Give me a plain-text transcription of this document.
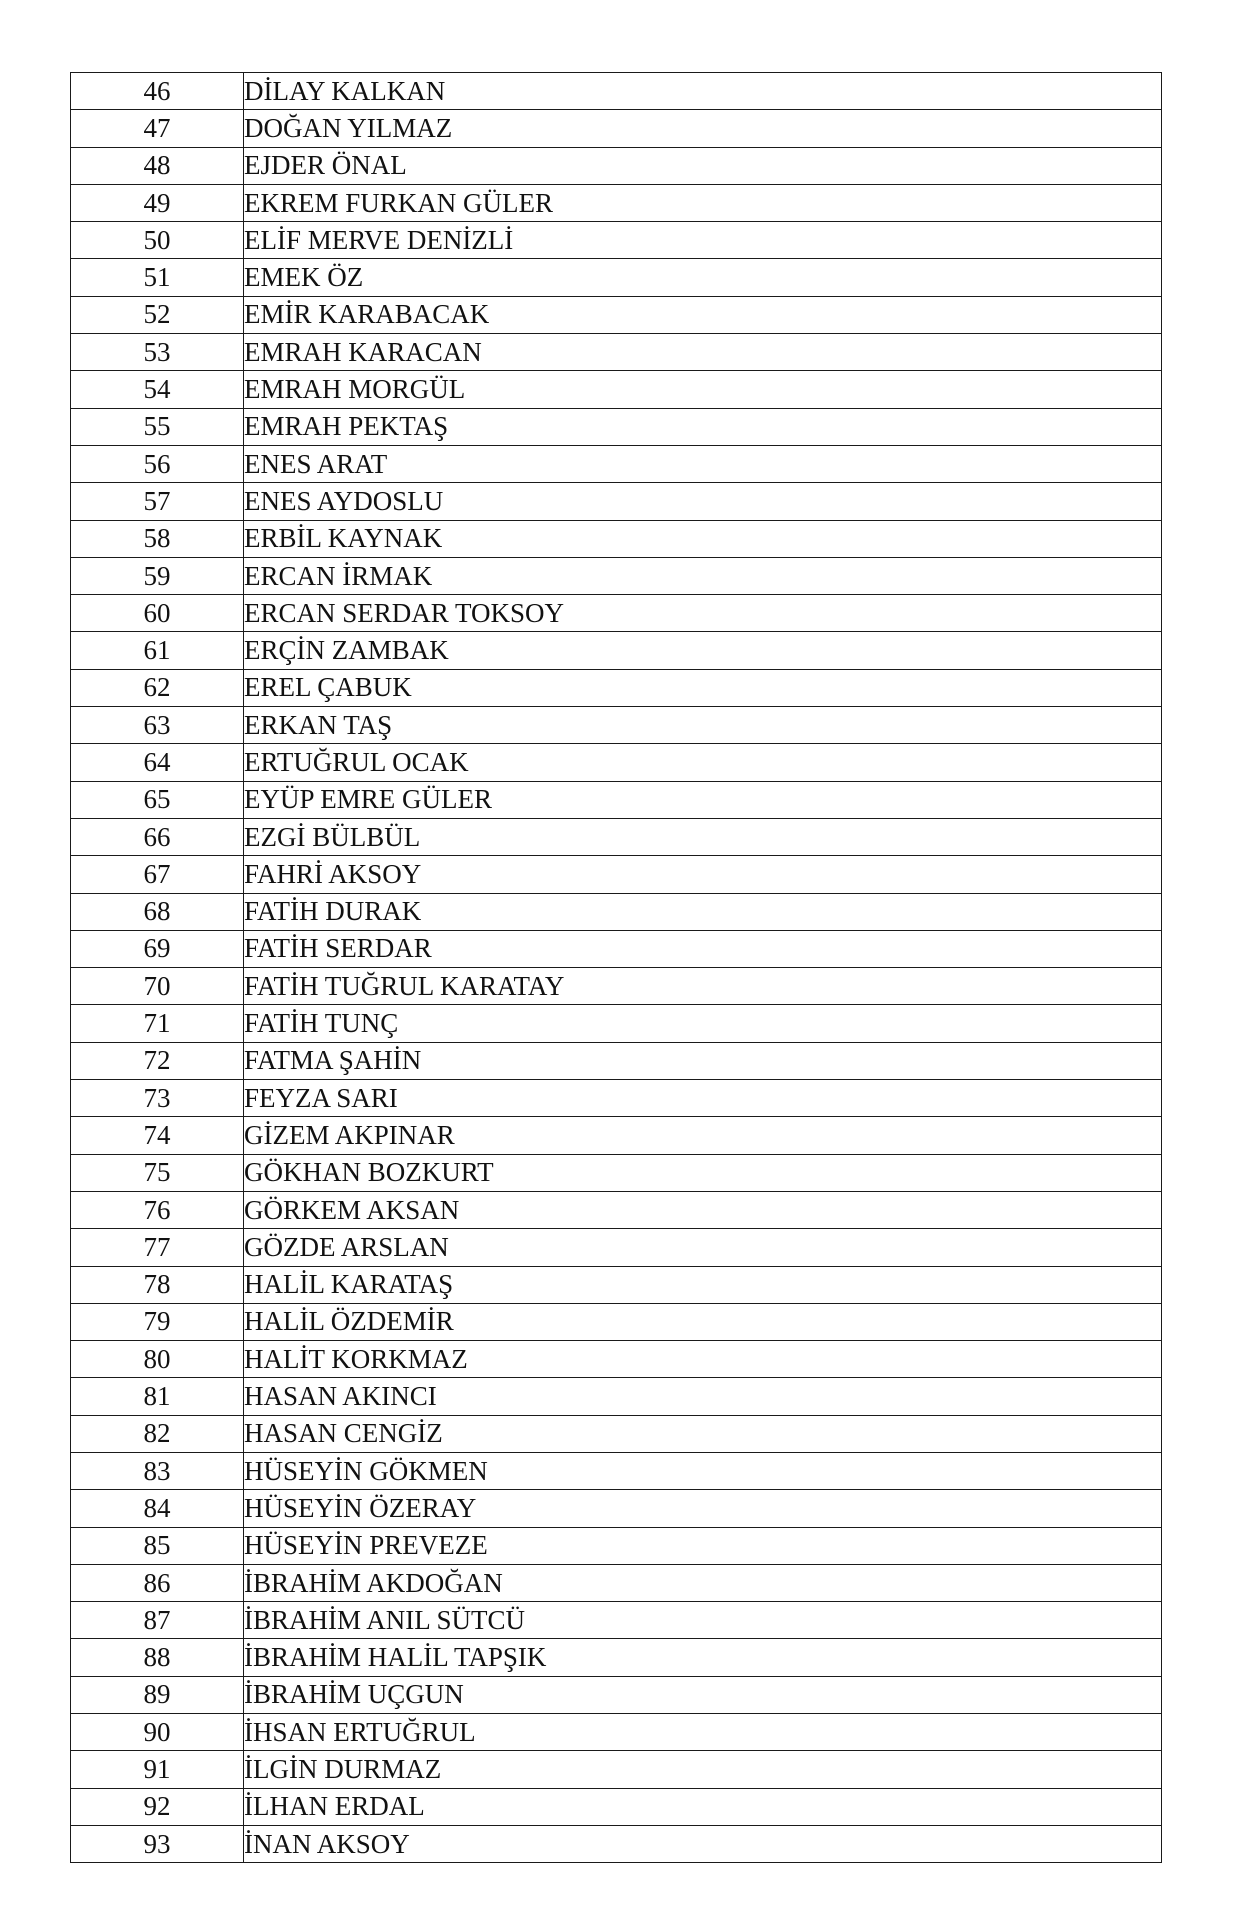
46	DİLAY KALKAN
47	DOĞAN YILMAZ
48	EJDER ÖNAL
49	EKREM FURKAN GÜLER
50	ELİF MERVE DENİZLİ
51	EMEK ÖZ
52	EMİR KARABACAK
53	EMRAH KARACAN
54	EMRAH MORGÜL
55	EMRAH PEKTAŞ
56	ENES ARAT
57	ENES AYDOSLU
58	ERBİL KAYNAK
59	ERCAN İRMAK
60	ERCAN SERDAR TOKSOY
61	ERÇİN ZAMBAK
62	EREL ÇABUK
63	ERKAN TAŞ
64	ERTUĞRUL OCAK
65	EYÜP EMRE GÜLER
66	EZGİ BÜLBÜL
67	FAHRİ AKSOY
68	FATİH DURAK
69	FATİH SERDAR
70	FATİH TUĞRUL KARATAY
71	FATİH TUNÇ
72	FATMA ŞAHİN
73	FEYZA SARI
74	GİZEM AKPINAR
75	GÖKHAN BOZKURT
76	GÖRKEM AKSAN
77	GÖZDE ARSLAN
78	HALİL KARATAŞ
79	HALİL ÖZDEMİR
80	HALİT KORKMAZ
81	HASAN AKINCI
82	HASAN CENGİZ
83	HÜSEYİN GÖKMEN
84	HÜSEYİN ÖZERAY
85	HÜSEYİN PREVEZE
86	İBRAHİM AKDOĞAN
87	İBRAHİM ANIL SÜTCÜ
88	İBRAHİM HALİL TAPŞIK
89	İBRAHİM UÇGUN
90	İHSAN ERTUĞRUL
91	İLGİN DURMAZ
92	İLHAN ERDAL
93	İNAN AKSOY
